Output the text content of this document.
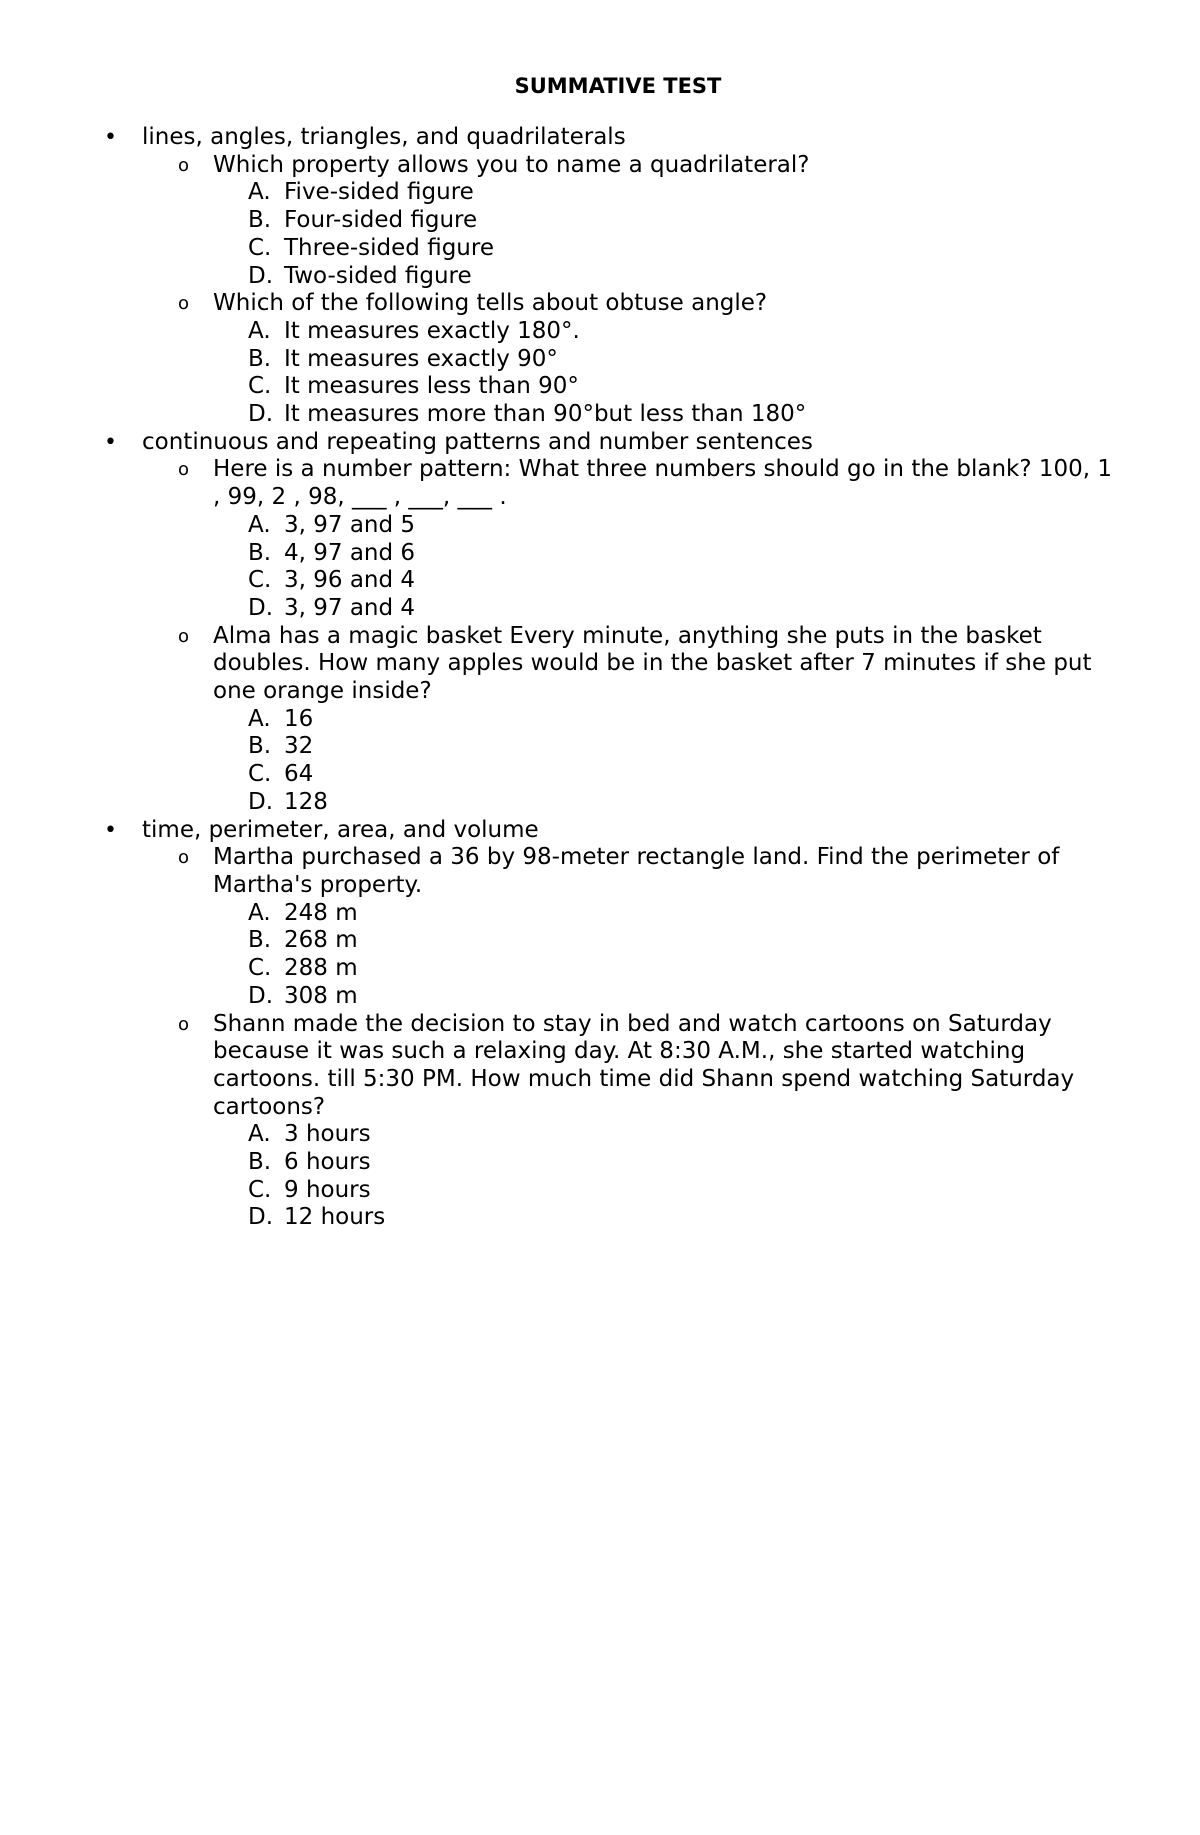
SUMMATIVE TEST
• lines, angles, triangles, and quadrilaterals
o Which property allows you to name a quadrilateral?
A. Five-sided figure
B. Four-sided figure
C. Three-sided figure
D. Two-sided figure
o Which of the following tells about obtuse angle?
A. It measures exactly 180°.
B. It measures exactly 90°
C. It measures less than 90°
D. It measures more than 90°but less than 180°
• continuous and repeating patterns and number sentences
o Here is a number pattern: What three numbers should go in the blank? 100, 1 , 99, 2 , 98, ___ , ___, ___ .
A. 3, 97 and 5
B. 4, 97 and 6
C. 3, 96 and 4
D. 3, 97 and 4
o Alma has a magic basket Every minute, anything she puts in the basket doubles. How many apples would be in the basket after 7 minutes if she put one orange inside?
A. 16
B. 32
C. 64
D. 128
• time, perimeter, area, and volume
o Martha purchased a 36 by 98-meter rectangle land. Find the perimeter of Martha's property.
A. 248 m
B. 268 m
C. 288 m
D. 308 m
o Shann made the decision to stay in bed and watch cartoons on Saturday because it was such a relaxing day. At 8:30 A.M., she started watching cartoons. till 5:30 PM. How much time did Shann spend watching Saturday cartoons?
A. 3 hours
B. 6 hours
C. 9 hours
D. 12 hours
